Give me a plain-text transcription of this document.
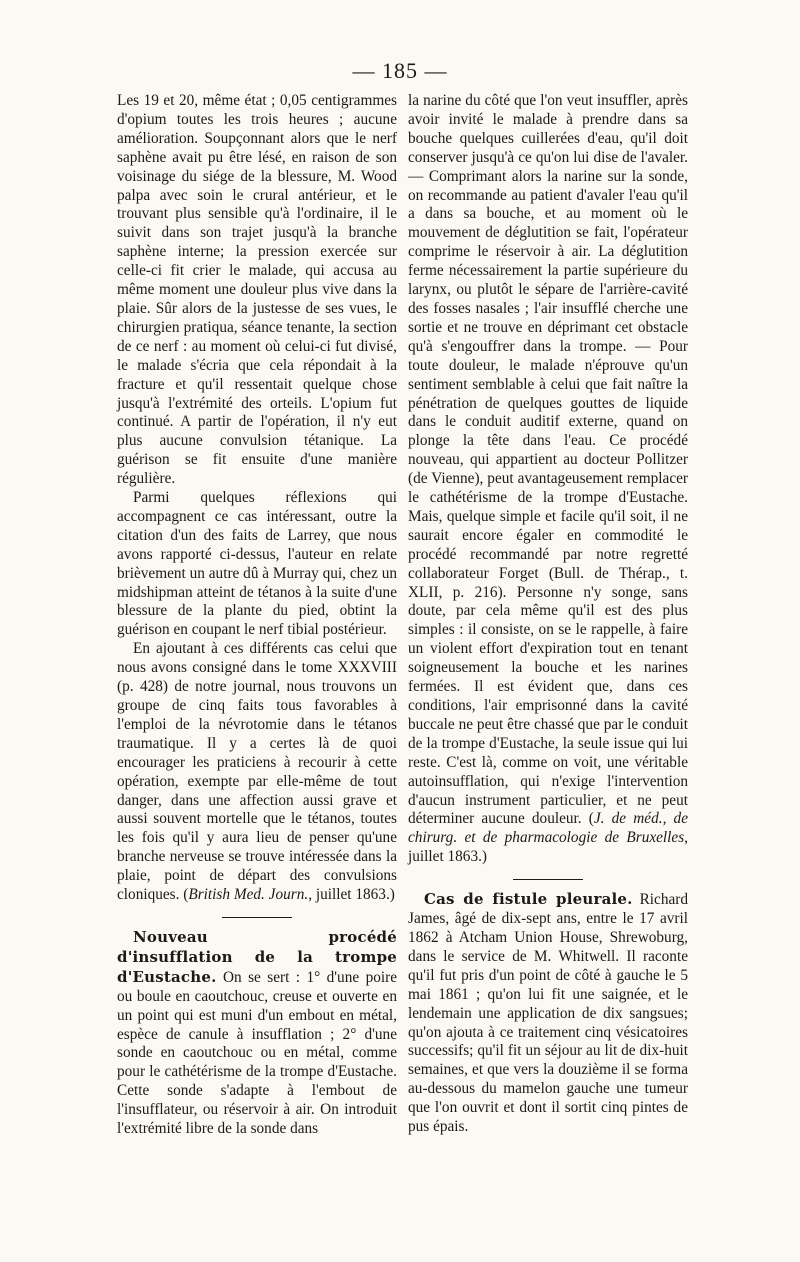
— 185 —

Les 19 et 20, même état ; 0,05 centigrammes d'opium toutes les trois heures ; aucune amélioration. Soupçonnant alors que le nerf saphène avait pu être lésé, en raison de son voisinage du siége de la blessure, M. Wood palpa avec soin le crural antérieur, et le trouvant plus sensible qu'à l'ordinaire, il le suivit dans son trajet jusqu'à la branche saphène interne; la pression exercée sur celle-ci fit crier le malade, qui accusa au même moment une douleur plus vive dans la plaie. Sûr alors de la justesse de ses vues, le chirurgien pratiqua, séance tenante, la section de ce nerf : au moment où celui-ci fut divisé, le malade s'écria que cela répondait à la fracture et qu'il ressentait quelque chose jusqu'à l'extrémité des orteils. L'opium fut continué. A partir de l'opération, il n'y eut plus aucune convulsion tétanique. La guérison se fit ensuite d'une manière régulière.

Parmi quelques réflexions qui accompagnent ce cas intéressant, outre la citation d'un des faits de Larrey, que nous avons rapporté ci-dessus, l'auteur en relate brièvement un autre dû à Murray qui, chez un midshipman atteint de tétanos à la suite d'une blessure de la plante du pied, obtint la guérison en coupant le nerf tibial postérieur.

En ajoutant à ces différents cas celui que nous avons consigné dans le tome XXXVIII (p. 428) de notre journal, nous trouvons un groupe de cinq faits tous favorables à l'emploi de la névrotomie dans le tétanos traumatique. Il y a certes là de quoi encourager les praticiens à recourir à cette opération, exempte par elle-même de tout danger, dans une affection aussi grave et aussi souvent mortelle que le tétanos, toutes les fois qu'il y aura lieu de penser qu'une branche nerveuse se trouve intéressée dans la plaie, point de départ des convulsions cloniques. (British Med. Journ., juillet 1863.)

Nouveau procédé d'insufflation de la trompe d'Eustache. On se sert : 1° d'une poire ou boule en caoutchouc, creuse et ouverte en un point qui est muni d'un embout en métal, espèce de canule à insufflation ; 2° d'une sonde en caoutchouc ou en métal, comme pour le cathétérisme de la trompe d'Eustache. Cette sonde s'adapte à l'embout de l'insufflateur, ou réservoir à air. On introduit l'extrémité libre de la sonde dans

la narine du côté que l'on veut insuffler, après avoir invité le malade à prendre dans sa bouche quelques cuillerées d'eau, qu'il doit conserver jusqu'à ce qu'on lui dise de l'avaler. — Comprimant alors la narine sur la sonde, on recommande au patient d'avaler l'eau qu'il a dans sa bouche, et au moment où le mouvement de déglutition se fait, l'opérateur comprime le réservoir à air. La déglutition ferme nécessairement la partie supérieure du larynx, ou plutôt le sépare de l'arrière-cavité des fosses nasales ; l'air insufflé cherche une sortie et ne trouve en déprimant cet obstacle qu'à s'engouffrer dans la trompe. — Pour toute douleur, le malade n'éprouve qu'un sentiment semblable à celui que fait naître la pénétration de quelques gouttes de liquide dans le conduit auditif externe, quand on plonge la tête dans l'eau. Ce procédé nouveau, qui appartient au docteur Pollitzer (de Vienne), peut avantageusement remplacer le cathétérisme de la trompe d'Eustache. Mais, quelque simple et facile qu'il soit, il ne saurait encore égaler en commodité le procédé recommandé par notre regretté collaborateur Forget (Bull. de Thérap., t. XLII, p. 216). Personne n'y songe, sans doute, par cela même qu'il est des plus simples : il consiste, on se le rappelle, à faire un violent effort d'expiration tout en tenant soigneusement la bouche et les narines fermées. Il est évident que, dans ces conditions, l'air emprisonné dans la cavité buccale ne peut être chassé que par le conduit de la trompe d'Eustache, la seule issue qui lui reste. C'est là, comme on voit, une véritable autoinsufflation, qui n'exige l'intervention d'aucun instrument particulier, et ne peut déterminer aucune douleur. (J. de méd., de chirurg. et de pharmacologie de Bruxelles, juillet 1863.)

Cas de fistule pleurale. Richard James, âgé de dix-sept ans, entre le 17 avril 1862 à Atcham Union House, Shrewoburg, dans le service de M. Whitwell. Il raconte qu'il fut pris d'un point de côté à gauche le 5 mai 1861 ; qu'on lui fit une saignée, et le lendemain une application de dix sangsues; qu'on ajouta à ce traitement cinq vésicatoires successifs; qu'il fit un séjour au lit de dix-huit semaines, et que vers la douzième il se forma au-dessous du mamelon gauche une tumeur que l'on ouvrit et dont il sortit cinq pintes de pus épais.
